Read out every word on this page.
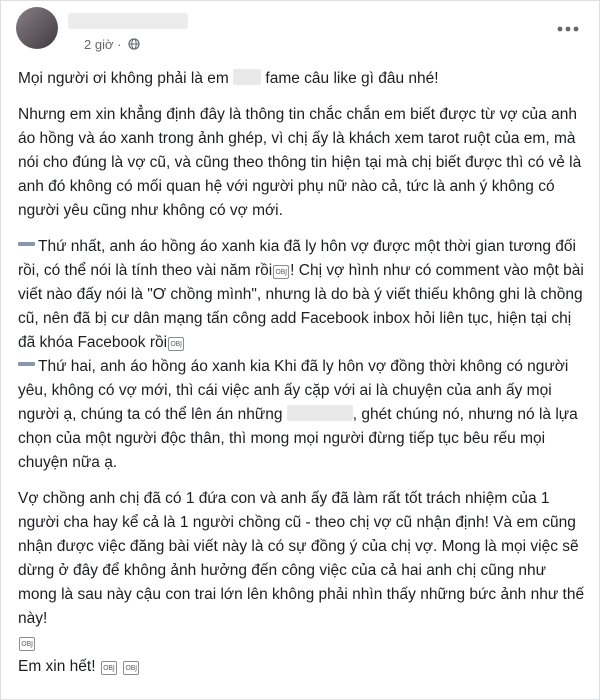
2 giờ ·

Mọi người ơi không phải là em fame câu like gì đâu nhé!

Nhưng em xin khẳng định đây là thông tin chắc chắn em biết được từ vợ của anh áo hồng và áo xanh trong ảnh ghép, vì chị ấy là khách xem tarot ruột của em, mà nói cho đúng là vợ cũ, và cũng theo thông tin hiện tại mà chị biết được thì có vẻ là anh đó không có mối quan hệ với người phụ nữ nào cả, tức là anh ý không có người yêu cũng như không có vợ mới.

Thứ nhất, anh áo hồng áo xanh kia đã ly hôn vợ được một thời gian tương đối rồi, có thể nói là tính theo vài năm rồi OBJ ! Chị vợ hình như có comment vào một bài viết nào đấy nói là "Ơ chồng mình", nhưng là do bà ý viết thiếu không ghi là chồng cũ, nên đã bị cư dân mạng tấn công add Facebook inbox hỏi liên tục, hiện tại chị đã khóa Facebook rồi OBJ

Thứ hai, anh áo hồng áo xanh kia Khi đã ly hôn vợ đồng thời không có người yêu, không có vợ mới, thì cái việc anh ấy cặp với ai là chuyện của anh ấy mọi người ạ, chúng ta có thể lên án những	, ghét chúng nó, nhưng nó là lựa chọn của một người độc thân, thì mong mọi người đừng tiếp tục bêu rếu mọi chuyện nữa ạ.

Vợ chồng anh chị đã có 1 đứa con và anh ấy đã làm rất tốt trách nhiệm của 1 người cha hay kể cả là 1 người chồng cũ - theo chị vợ cũ nhận định! Và em cũng nhận được việc đăng bài viết này là có sự đồng ý của chị vợ. Mong là mọi việc sẽ dừng ở đây để không ảnh hưởng đến công việc của cả hai anh chị cũng như mong là sau này cậu con trai lớn lên không phải nhìn thấy những bức ảnh như thế này!
OBJ

Em xin hết! OBJ OBJ
